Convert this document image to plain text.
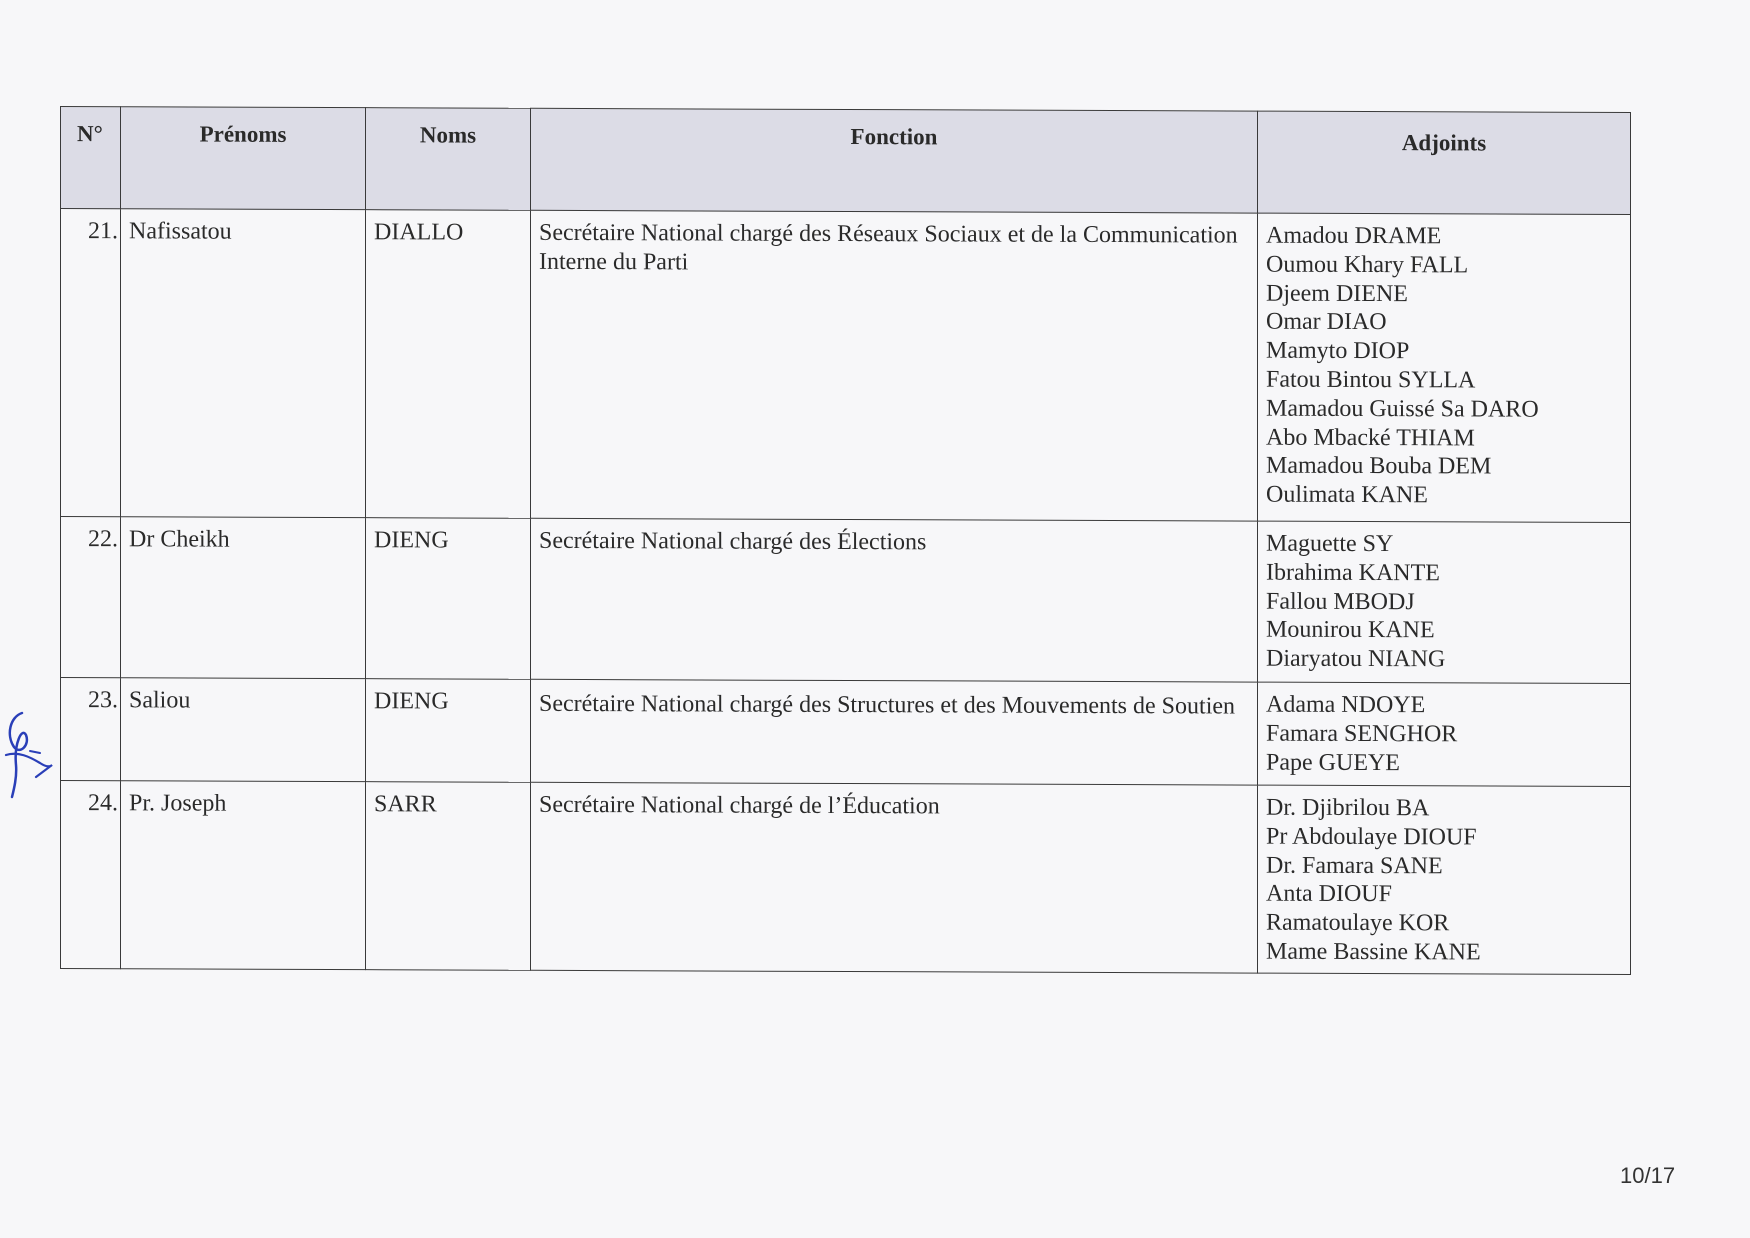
N°	Prénoms	Noms	Fonction	Adjoints
21.	Nafissatou	DIALLO	Secrétaire National chargé des Réseaux Sociaux et de la Communication Interne du Parti	
Amadou DRAME
Oumou Khary FALL
Djeem DIENE
Omar DIAO
Mamyto DIOP
Fatou Bintou SYLLA
Mamadou Guissé Sa DARO
Abo Mbacké THIAM
Mamadou Bouba DEM
Oulimata KANE

22.	Dr Cheikh	DIENG	Secrétaire National chargé des Élections	Maguette SY
Ibrahima KANTE
Fallou MBODJ
Mounirou KANE
Diaryatou NIANG

23.	Saliou	DIENG	Secrétaire National chargé des Structures et des Mouvements de Soutien	Adama NDOYE
Famara SENGHOR
Pape GUEYE

24.	Pr. Joseph	SARR	Secrétaire National chargé de l’Éducation	Dr. Djibrilou BA
Pr Abdoulaye DIOUF
Dr. Famara SANE
Anta DIOUF
Ramatoulaye KOR
Mame Bassine KANE
10/17
